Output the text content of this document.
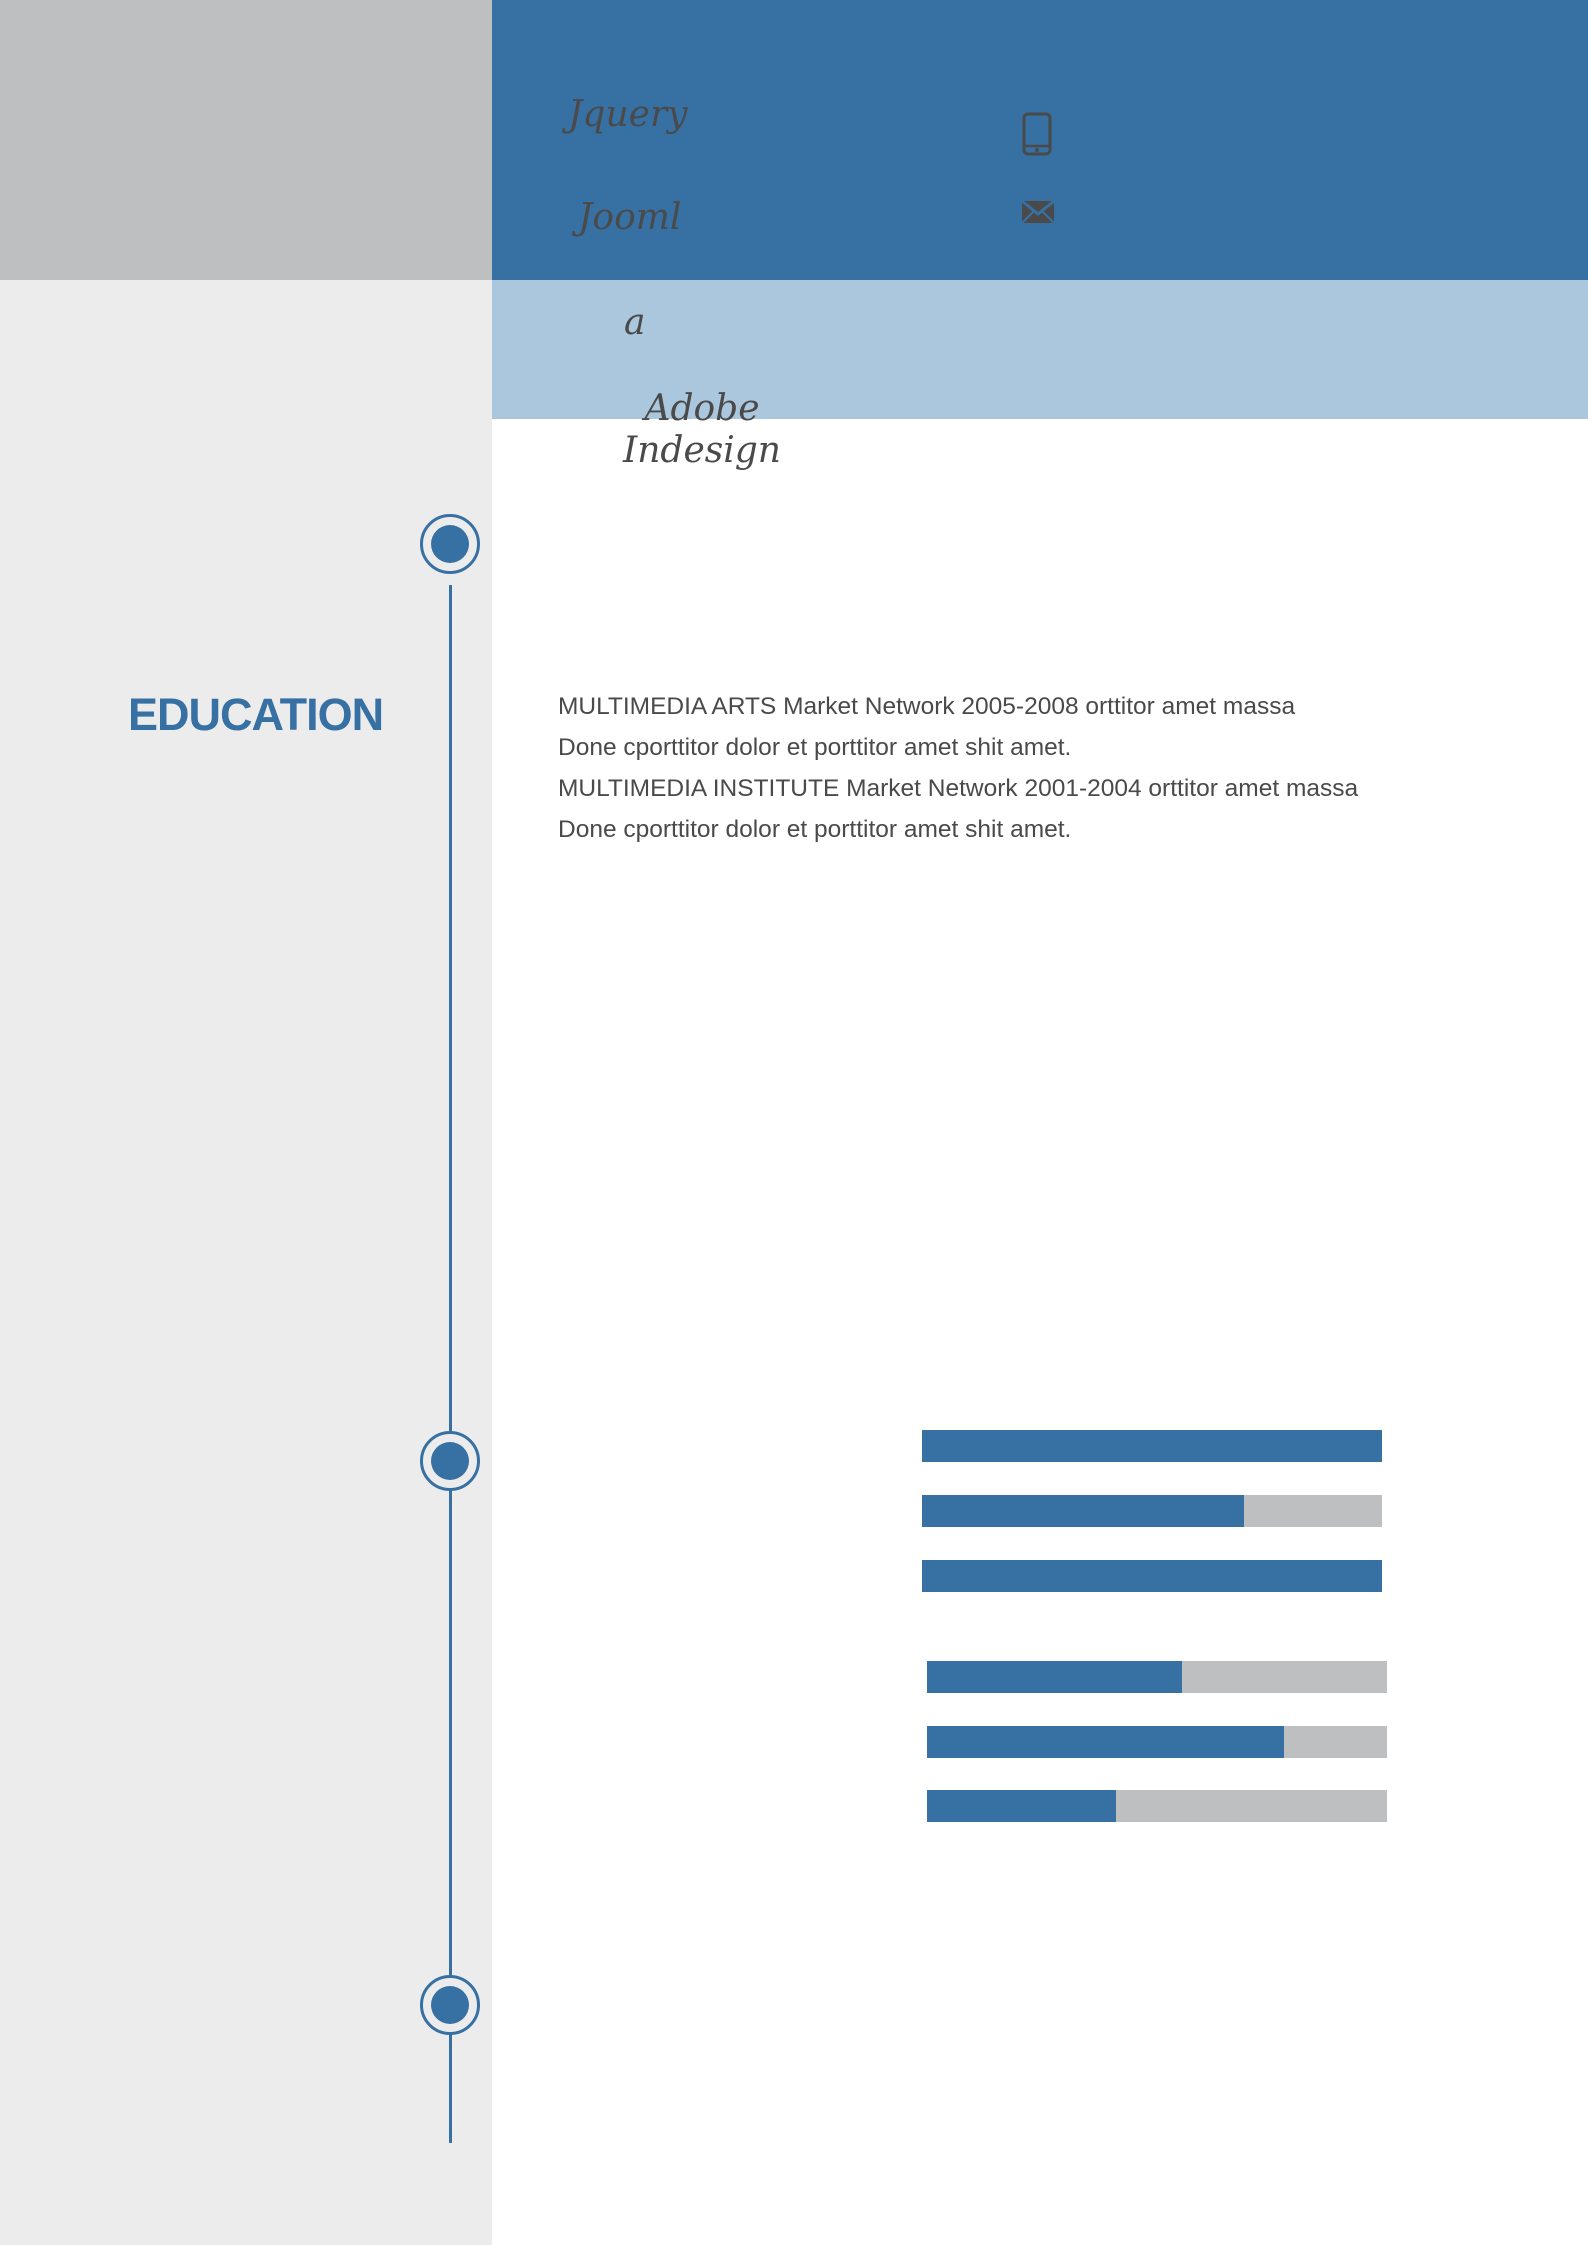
Jquery
Jooml
a
Adobe Indesign
EDUCATION	MULTIMEDIA ARTS Market Network 2005-2008 orttitor amet massa
Done cporttitor dolor et porttitor amet shit amet.
MULTIMEDIA INSTITUTE Market Network 2001-2004 orttitor amet massa
Done cporttitor dolor et porttitor amet shit amet.
